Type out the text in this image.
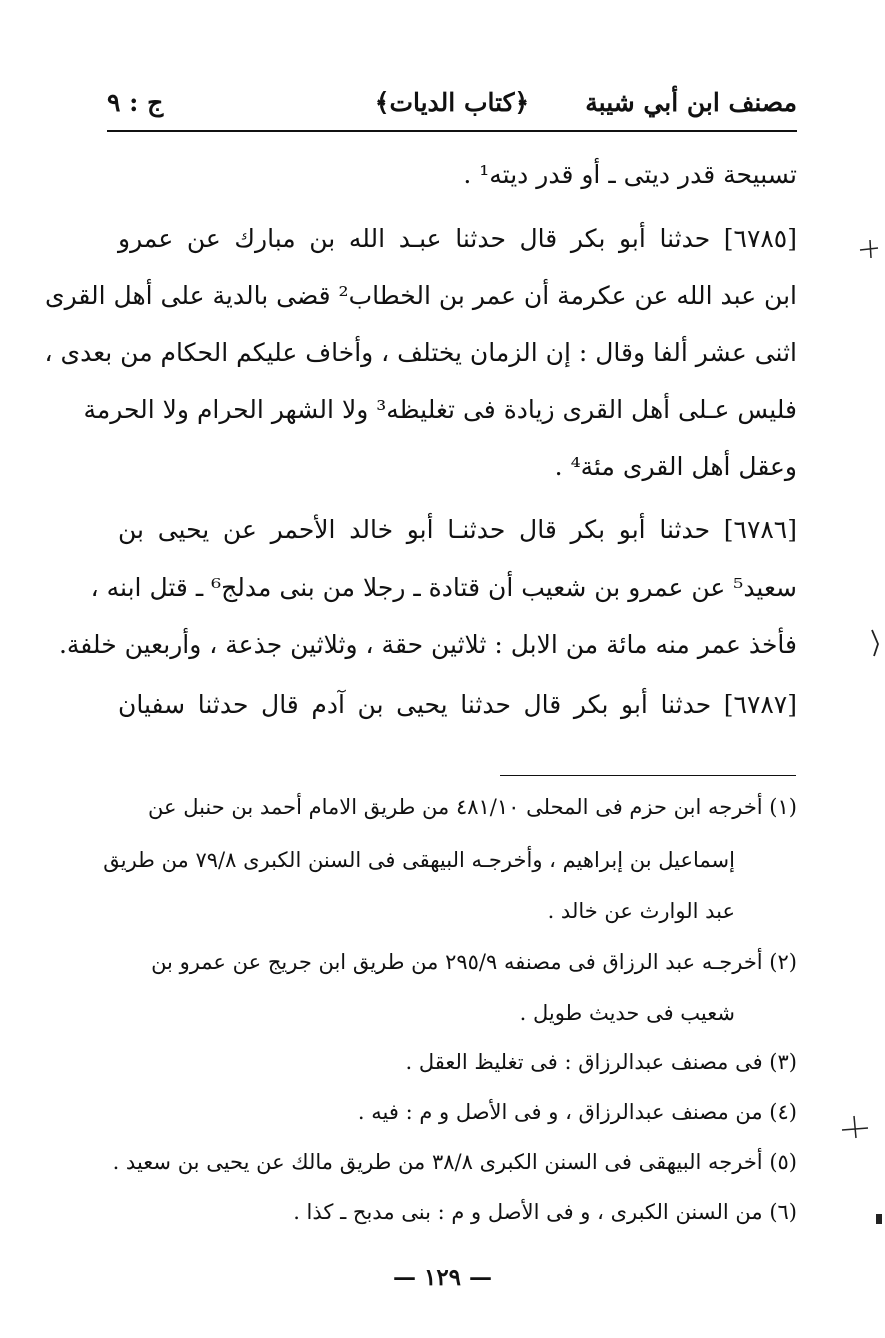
مصنف ابن أبي شيبة
﴿كتاب الديات﴾
ج : ٩
تسبيحة قدر ديتى ـ أو قدر ديته¹ .
[٦٧٨٥] حدثنا أبو بكر قال حدثنا عبـد الله بن مبارك عن عمرو
ابن عبد الله عن عكرمة أن عمر بن الخطاب² قضى بالدية على أهل القرى
اثنى عشر ألفا وقال : إن الزمان يختلف ، وأخاف عليكم الحكام من بعدى ،
فليس عـلى أهل القرى زيادة فى تغليظه³ ولا الشهر الحرام ولا الحرمة
وعقل أهل القرى مئة⁴ .
[٦٧٨٦] حدثنا أبو بكر قال حدثنـا أبو خالد الأحمر عن يحيى بن
سعيد⁵ عن عمرو بن شعيب أن قتادة ـ رجلا من بنى مدلج⁶ ـ قتل ابنه ،
فأخذ عمر منه مائة من الابل : ثلاثين حقة ، وثلاثين جذعة ، وأربعين خلفة.
[٦٧٨٧] حدثنا أبو بكر قال حدثنا يحيى بن آدم قال حدثنا سفيان
(١) أخرجه ابن حزم فى المحلى ٤٨١/١٠ من طريق الامام أحمد بن حنبل عن
إسماعيل بن إبراهيم ، وأخرجـه البيهقى فى السنن الكبرى ٧٩/٨ من طريق
عبد الوارث عن خالد .
(٢) أخرجـه عبد الرزاق فى مصنفه ٢٩٥/٩ من طريق ابن جريج عن عمرو بن
شعيب فى حديث طويل .
(٣) فى مصنف عبدالرزاق : فى تغليظ العقل .
(٤) من مصنف عبدالرزاق ، و فى الأصل و م : فيه .
(٥) أخرجه البيهقى فى السنن الكبرى ٣٨/٨ من طريق مالك عن يحيى بن سعيد .
(٦) من السنن الكبرى ، و فى الأصل و م : بنى مدبح ـ كذا .
— ١٢٩ —
